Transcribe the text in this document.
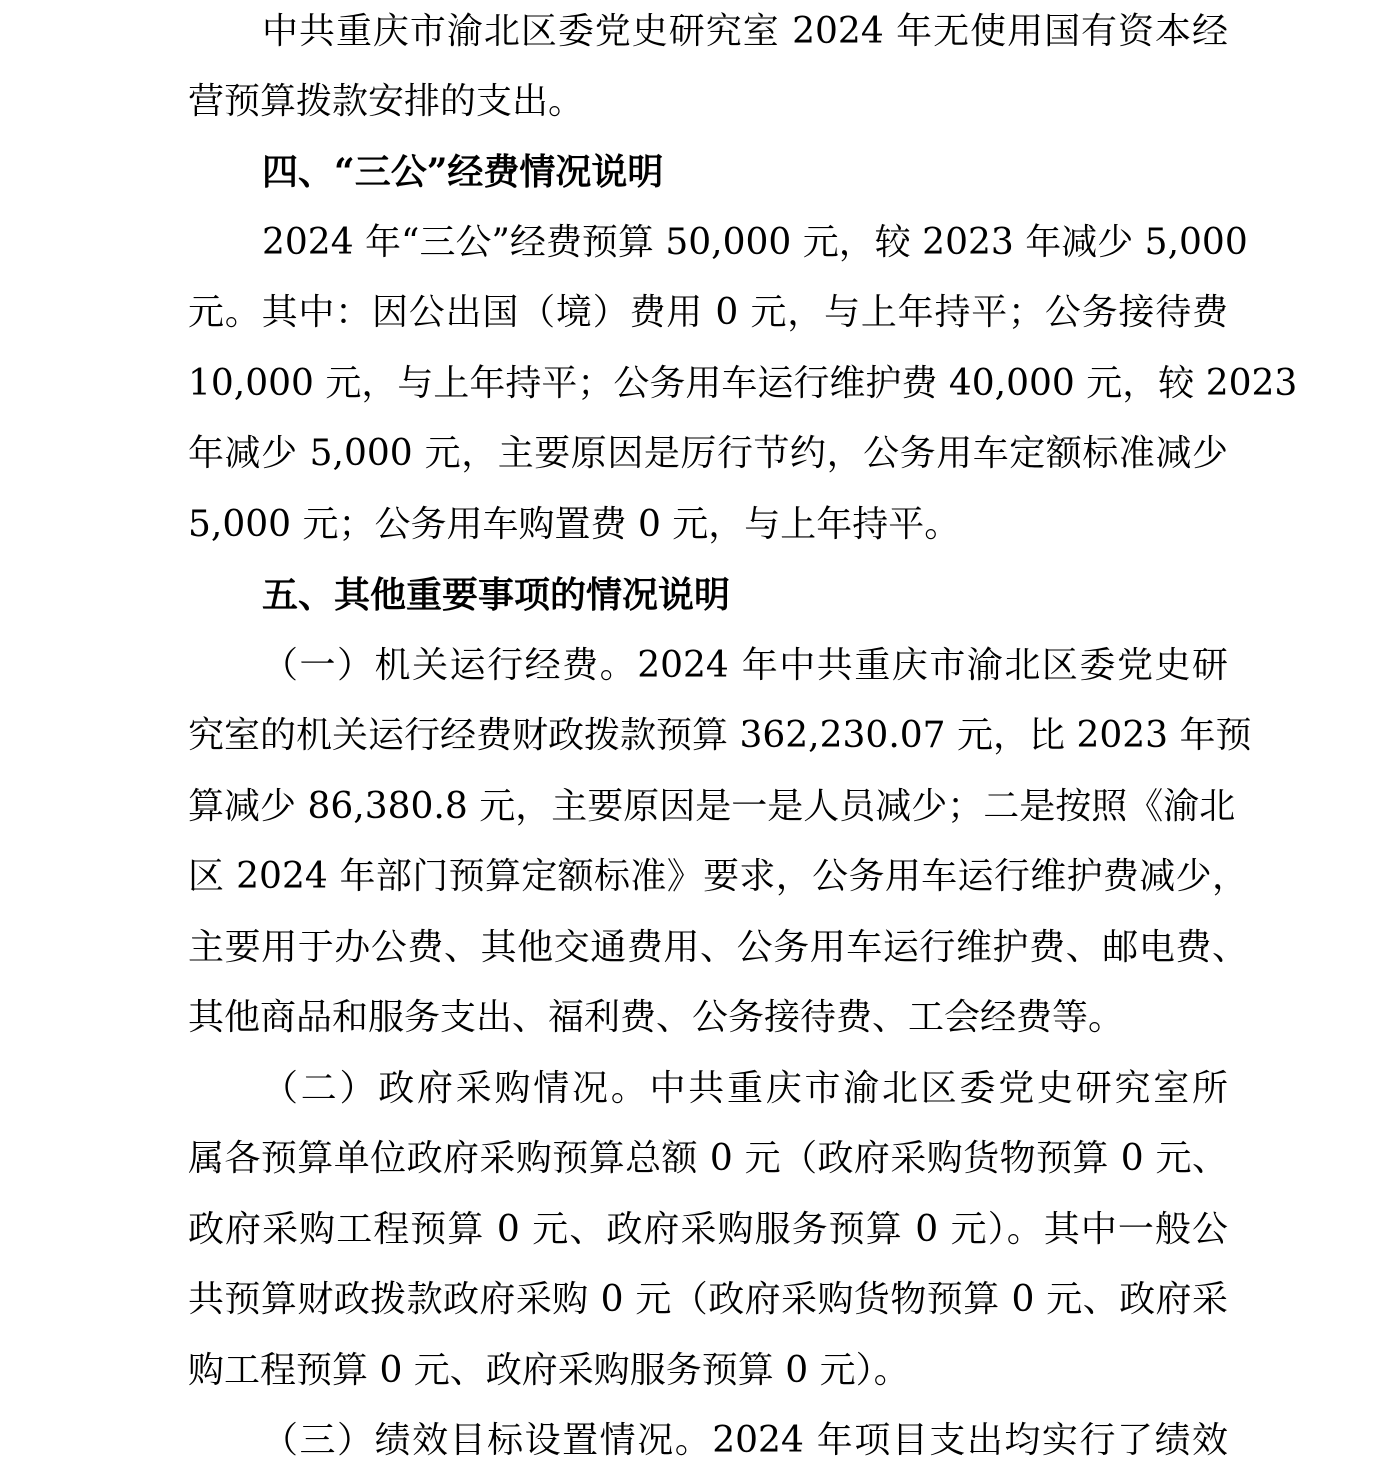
中共重庆市渝北区委党史研究室 2024 年无使用国有资本经
营预算拨款安排的支出。
四、“三公”经费情况说明
2024 年“三公”经费预算 50,000 元，较 2023 年减少 5,000
元。其中：因公出国（境）费用 0 元，与上年持平；公务接待费
10,000 元，与上年持平；公务用车运行维护费 40,000 元，较 2023
年减少 5,000 元，主要原因是厉行节约，公务用车定额标准减少
5,000 元；公务用车购置费 0 元，与上年持平。
五、其他重要事项的情况说明
（一）机关运行经费。2024 年中共重庆市渝北区委党史研
究室的机关运行经费财政拨款预算 362,230.07 元，比 2023 年预
算减少 86,380.8 元，主要原因是一是人员减少；二是按照《渝北
区 2024 年部门预算定额标准》要求，公务用车运行维护费减少，
主要用于办公费、其他交通费用、公务用车运行维护费、邮电费、
其他商品和服务支出、福利费、公务接待费、工会经费等。
（二）政府采购情况。中共重庆市渝北区委党史研究室所
属各预算单位政府采购预算总额 0 元（政府采购货物预算 0 元、
政府采购工程预算 0 元、政府采购服务预算 0 元）。其中一般公
共预算财政拨款政府采购 0 元（政府采购货物预算 0 元、政府采
购工程预算 0 元、政府采购服务预算 0 元）。
（三）绩效目标设置情况。2024 年项目支出均实行了绩效
